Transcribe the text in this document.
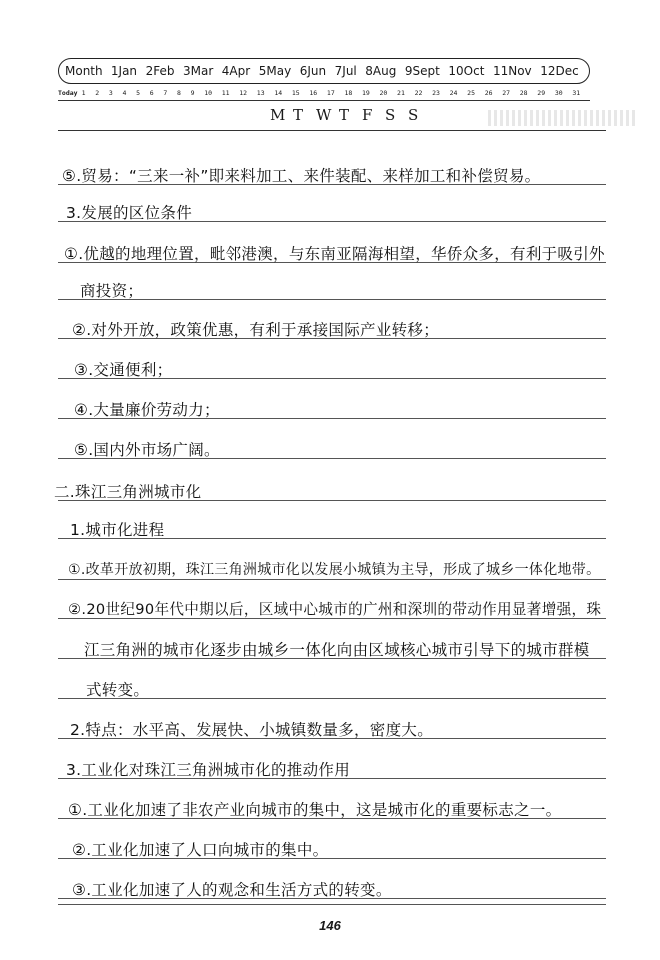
Month 1Jan 2Feb 3Mar 4Apr 5May 6Jun 7Jul 8Aug 9Sept 10Oct 11Nov 12Dec
Today 1	2	3	4	5	6	7	8	9	10	11	12	13	14	15	16	17	18	19	20	21	22	23	24	25	26	27	28	29	30	31
M T W T F S S
⑤.贸易：“三来一补”即来料加工、来件装配、来样加工和补偿贸易。
3.发展的区位条件
①.优越的地理位置，毗邻港澳，与东南亚隔海相望，华侨众多，有利于吸引外
商投资；
②.对外开放，政策优惠，有利于承接国际产业转移；
③.交通便利；
④.大量廉价劳动力；
⑤.国内外市场广阔。
二.珠江三角洲城市化
1.城市化进程
①.改革开放初期，珠江三角洲城市化以发展小城镇为主导，形成了城乡一体化地带。
②.20世纪90年代中期以后，区域中心城市的广州和深圳的带动作用显著增强，珠
江三角洲的城市化逐步由城乡一体化向由区域核心城市引导下的城市群模
式转变。
2.特点：水平高、发展快、小城镇数量多，密度大。
3.工业化对珠江三角洲城市化的推动作用
①.工业化加速了非农产业向城市的集中，这是城市化的重要标志之一。
②.工业化加速了人口向城市的集中。
③.工业化加速了人的观念和生活方式的转变。
146
